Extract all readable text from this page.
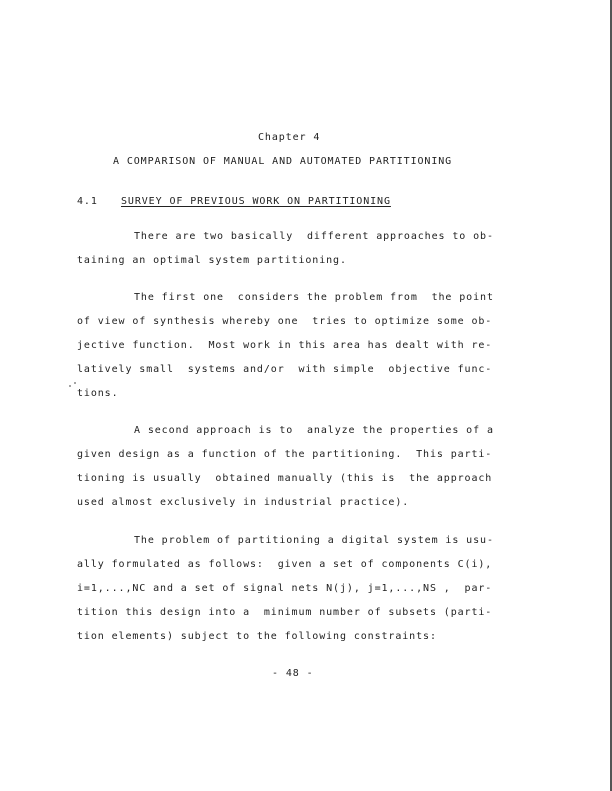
Chapter 4
A COMPARISON OF MANUAL AND AUTOMATED PARTITIONING
4.1 SURVEY OF PREVIOUS WORK ON PARTITIONING
There are two basically  different approaches to ob-
taining an optimal system partitioning.
The first one  considers the problem from  the point
of view of synthesis whereby one  tries to optimize some ob-
jective function.  Most work in this area has dealt with re-
latively small  systems and/or  with simple  objective func-
tions.
A second approach is to  analyze the properties of a
given design as a function of the partitioning.  This parti-
tioning is usually  obtained manually (this is  the approach
used almost exclusively in industrial practice).
The problem of partitioning a digital system is usu-
ally formulated as follows:  given a set of components C(i),
i=1,...,NC and a set of signal nets N(j), j=1,...,NS ,  par-
tition this design into a  minimum number of subsets (parti-
tion elements) subject to the following constraints:
- 48 -
